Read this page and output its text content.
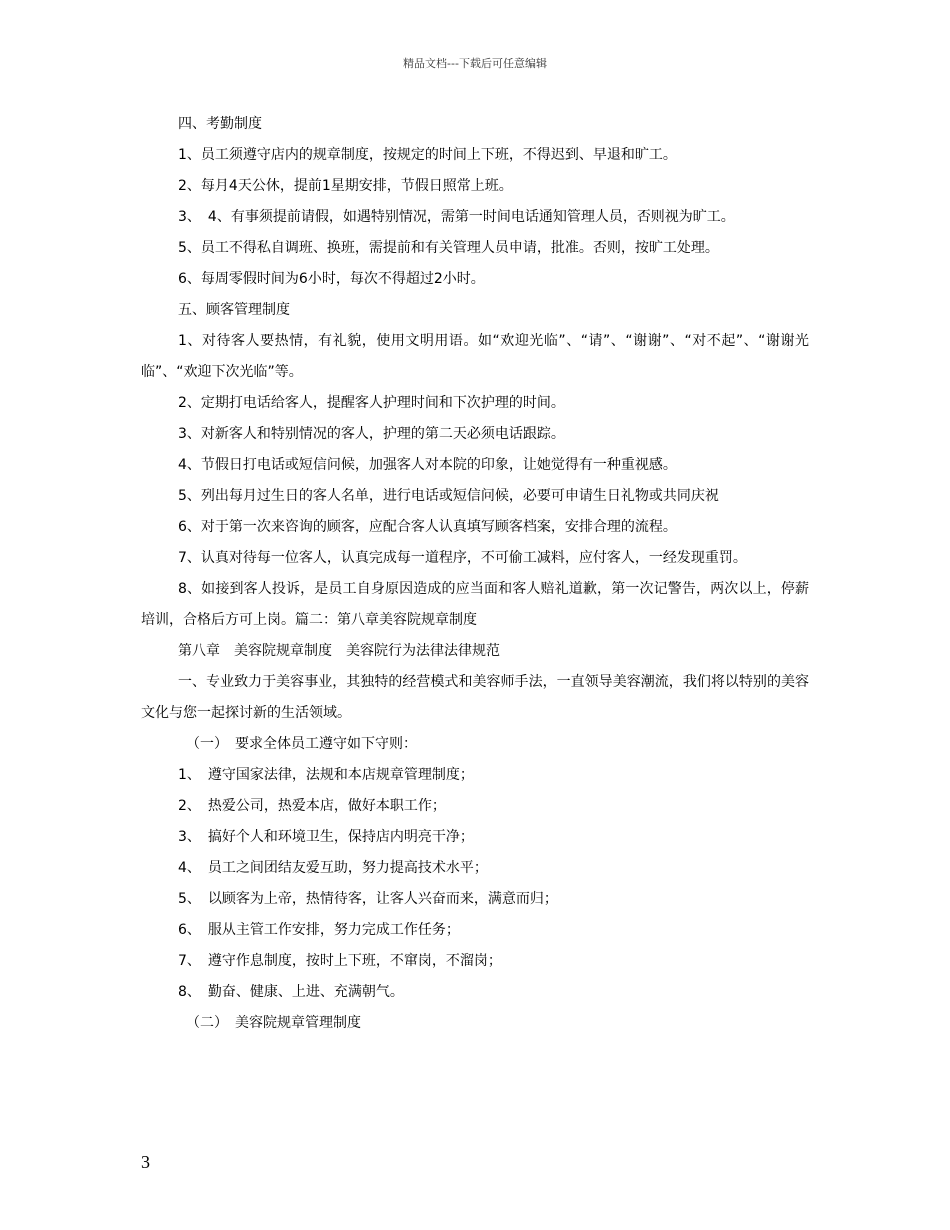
精品文档---下载后可任意编辑

四、考勤制度

1、员工须遵守店内的规章制度，按规定的时间上下班，不得迟到、早退和旷工。

2、每月4天公休，提前1星期安排，节假日照常上班。

3、　4、有事须提前请假，如遇特别情况，需第一时间电话通知管理人员，否则视为旷工。

5、员工不得私自调班、换班，需提前和有关管理人员申请，批准。否则，按旷工处理。

6、每周零假时间为6小时，每次不得超过2小时。

五、顾客管理制度

1、对待客人要热情，有礼貌，使用文明用语。如“欢迎光临”、“请”、“谢谢”、“对不起”、“谢谢光临”、“欢迎下次光临”等。

2、定期打电话给客人，提醒客人护理时间和下次护理的时间。

3、对新客人和特别情况的客人，护理的第二天必须电话跟踪。

4、节假日打电话或短信问候，加强客人对本院的印象，让她觉得有一种重视感。

5、列出每月过生日的客人名单，进行电话或短信问候，必要可申请生日礼物或共同庆祝

6、对于第一次来咨询的顾客，应配合客人认真填写顾客档案，安排合理的流程。

7、认真对待每一位客人，认真完成每一道程序，不可偷工减料，应付客人，一经发现重罚。

8、如接到客人投诉，是员工自身原因造成的应当面和客人赔礼道歉，第一次记警告，两次以上，停薪培训，合格后方可上岗。篇二：第八章美容院规章制度

第八章　美容院规章制度　美容院行为法律法律规范

一、专业致力于美容事业，其独特的经营模式和美容师手法，一直领导美容潮流，我们将以特别的美容文化与您一起探讨新的生活领域。

（一）　要求全体员工遵守如下守则：

1、　遵守国家法律，法规和本店规章管理制度；

2、　热爱公司，热爱本店，做好本职工作；

3、　搞好个人和环境卫生，保持店内明亮干净；

4、　员工之间团结友爱互助，努力提高技术水平；

5、　以顾客为上帝，热情待客，让客人兴奋而来，满意而归；

6、　服从主管工作安排，努力完成工作任务；

7、　遵守作息制度，按时上下班，不窜岗，不溜岗；

8、　勤奋、健康、上进、充满朝气。

（二）　美容院规章管理制度

3
